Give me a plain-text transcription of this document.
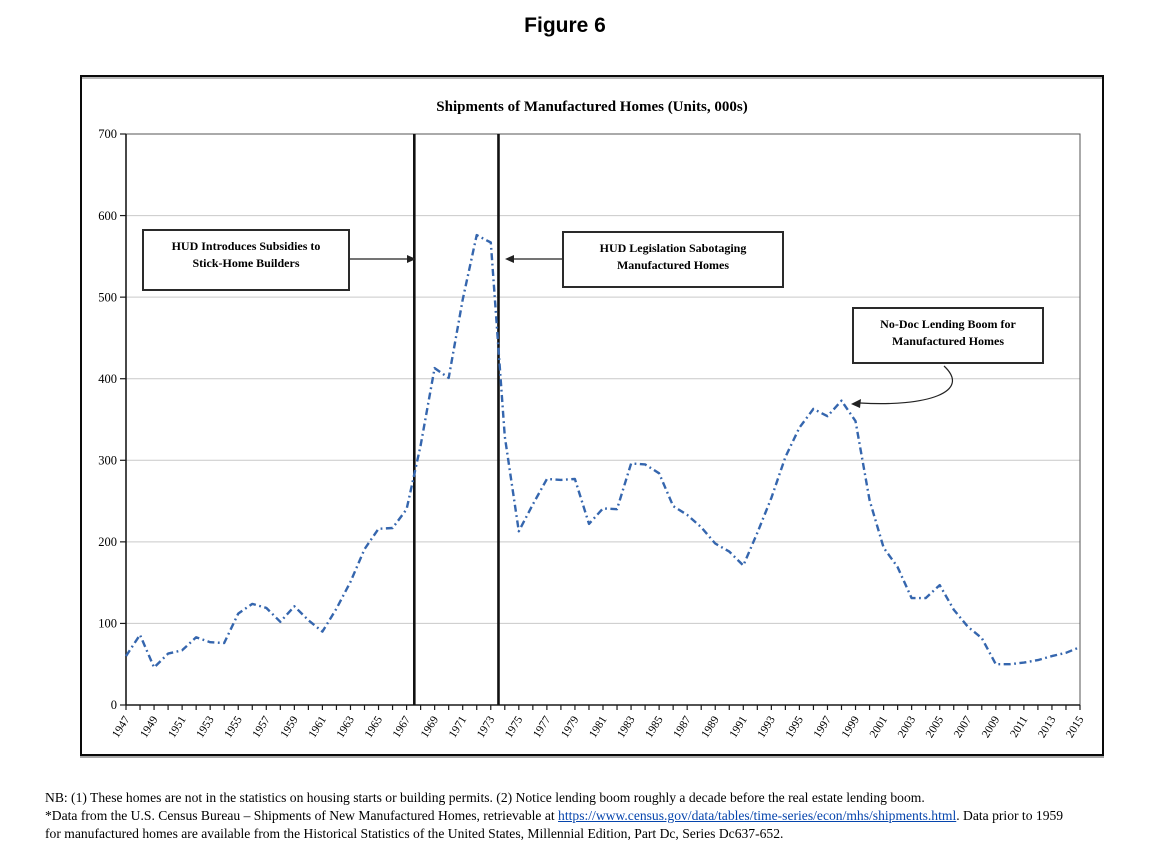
Figure 6
0
100
200
300
400
500
600
700
1947 1949 1951 1953 1955 1957 1959 1961 1963 1965 1967 1969 1971 1973 1975 1977 1979 1981 1983 1985 1987 1989 1991 1993 1995 1997 1999 2001 2003 2005 2007 2009 2011 2013 2015
Shipments of Manufactured Homes (Units, 000s)
HUD Introduces Subsidies to
Stick-Home Builders
HUD Legislation Sabotaging
Manufactured Homes
No-Doc Lending Boom for
Manufactured Homes
NB: (1) These homes are not in the statistics on housing starts or building permits. (2) Notice lending boom roughly a decade before the real estate lending boom.
*Data from the U.S. Census Bureau – Shipments of New Manufactured Homes, retrievable at https://www.census.gov/data/tables/time-series/econ/mhs/shipments.html. Data prior to 1959
for manufactured homes are available from the Historical Statistics of the United States, Millennial Edition, Part Dc, Series Dc637-652.
